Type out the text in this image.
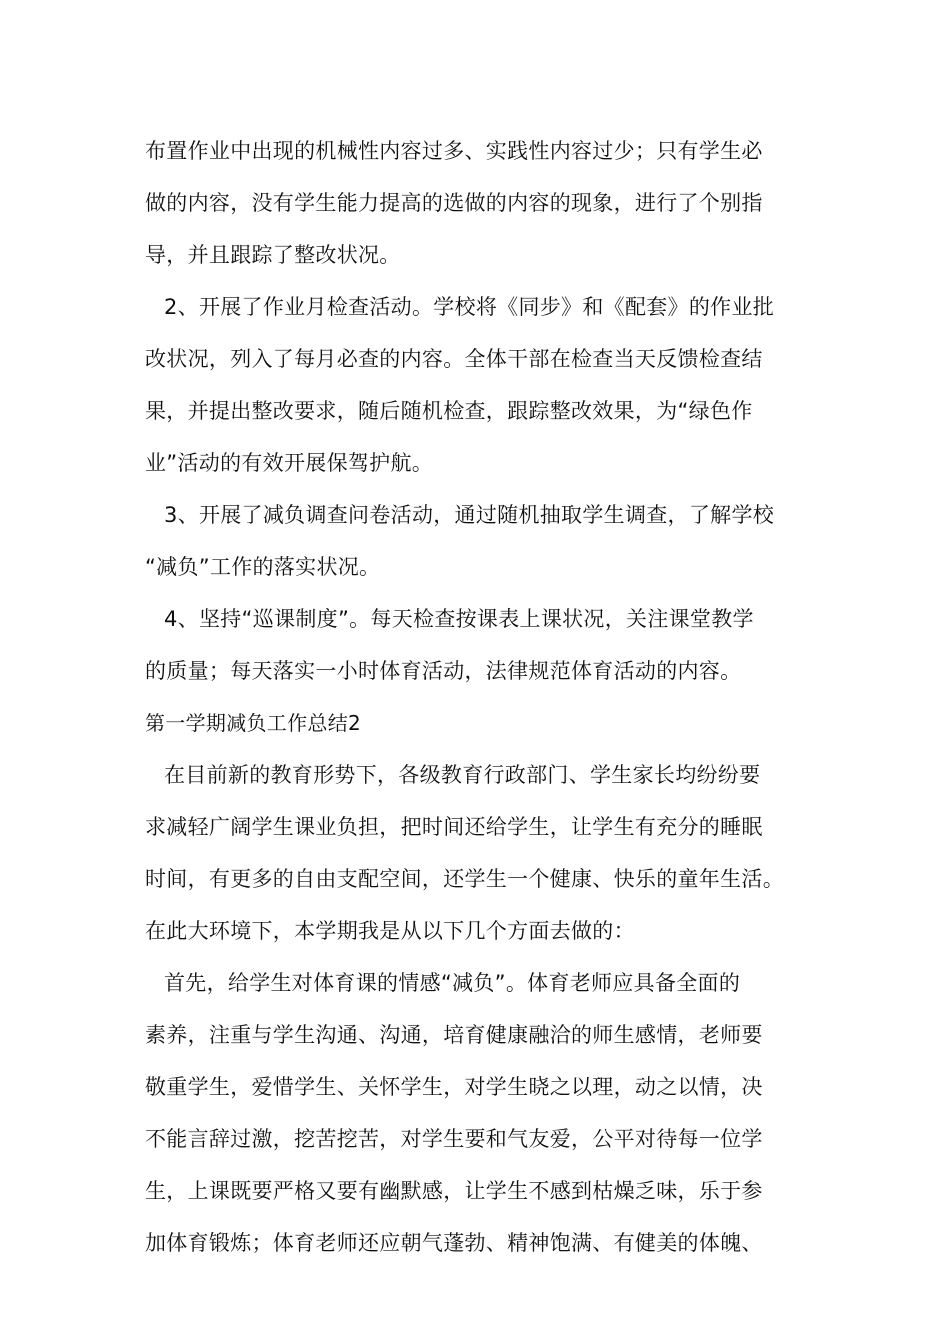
布置作业中出现的机械性内容过多、实践性内容过少；只有学生必
做的内容，没有学生能力提高的选做的内容的现象，进行了个别指
导，并且跟踪了整改状况。
2、开展了作业月检查活动。学校将《同步》和《配套》的作业批
改状况，列入了每月必查的内容。全体干部在检查当天反馈检查结
果，并提出整改要求，随后随机检查，跟踪整改效果，为“绿色作
业”活动的有效开展保驾护航。
3、开展了减负调查问卷活动，通过随机抽取学生调查，了解学校
“减负”工作的落实状况。
4、坚持“巡课制度”。每天检查按课表上课状况，关注课堂教学
的质量；每天落实一小时体育活动，法律规范体育活动的内容。
第一学期减负工作总结2
在目前新的教育形势下，各级教育行政部门、学生家长均纷纷要
求减轻广阔学生课业负担，把时间还给学生，让学生有充分的睡眠
时间，有更多的自由支配空间，还学生一个健康、快乐的童年生活。
在此大环境下，本学期我是从以下几个方面去做的：
首先，给学生对体育课的情感“减负”。体育老师应具备全面的
素养，注重与学生沟通、沟通，培育健康融洽的师生感情，老师要
敬重学生，爱惜学生、关怀学生，对学生晓之以理，动之以情，决
不能言辞过激，挖苦挖苦，对学生要和气友爱，公平对待每一位学
生，上课既要严格又要有幽默感，让学生不感到枯燥乏味，乐于参
加体育锻炼；体育老师还应朝气蓬勃、精神饱满、有健美的体魄、
